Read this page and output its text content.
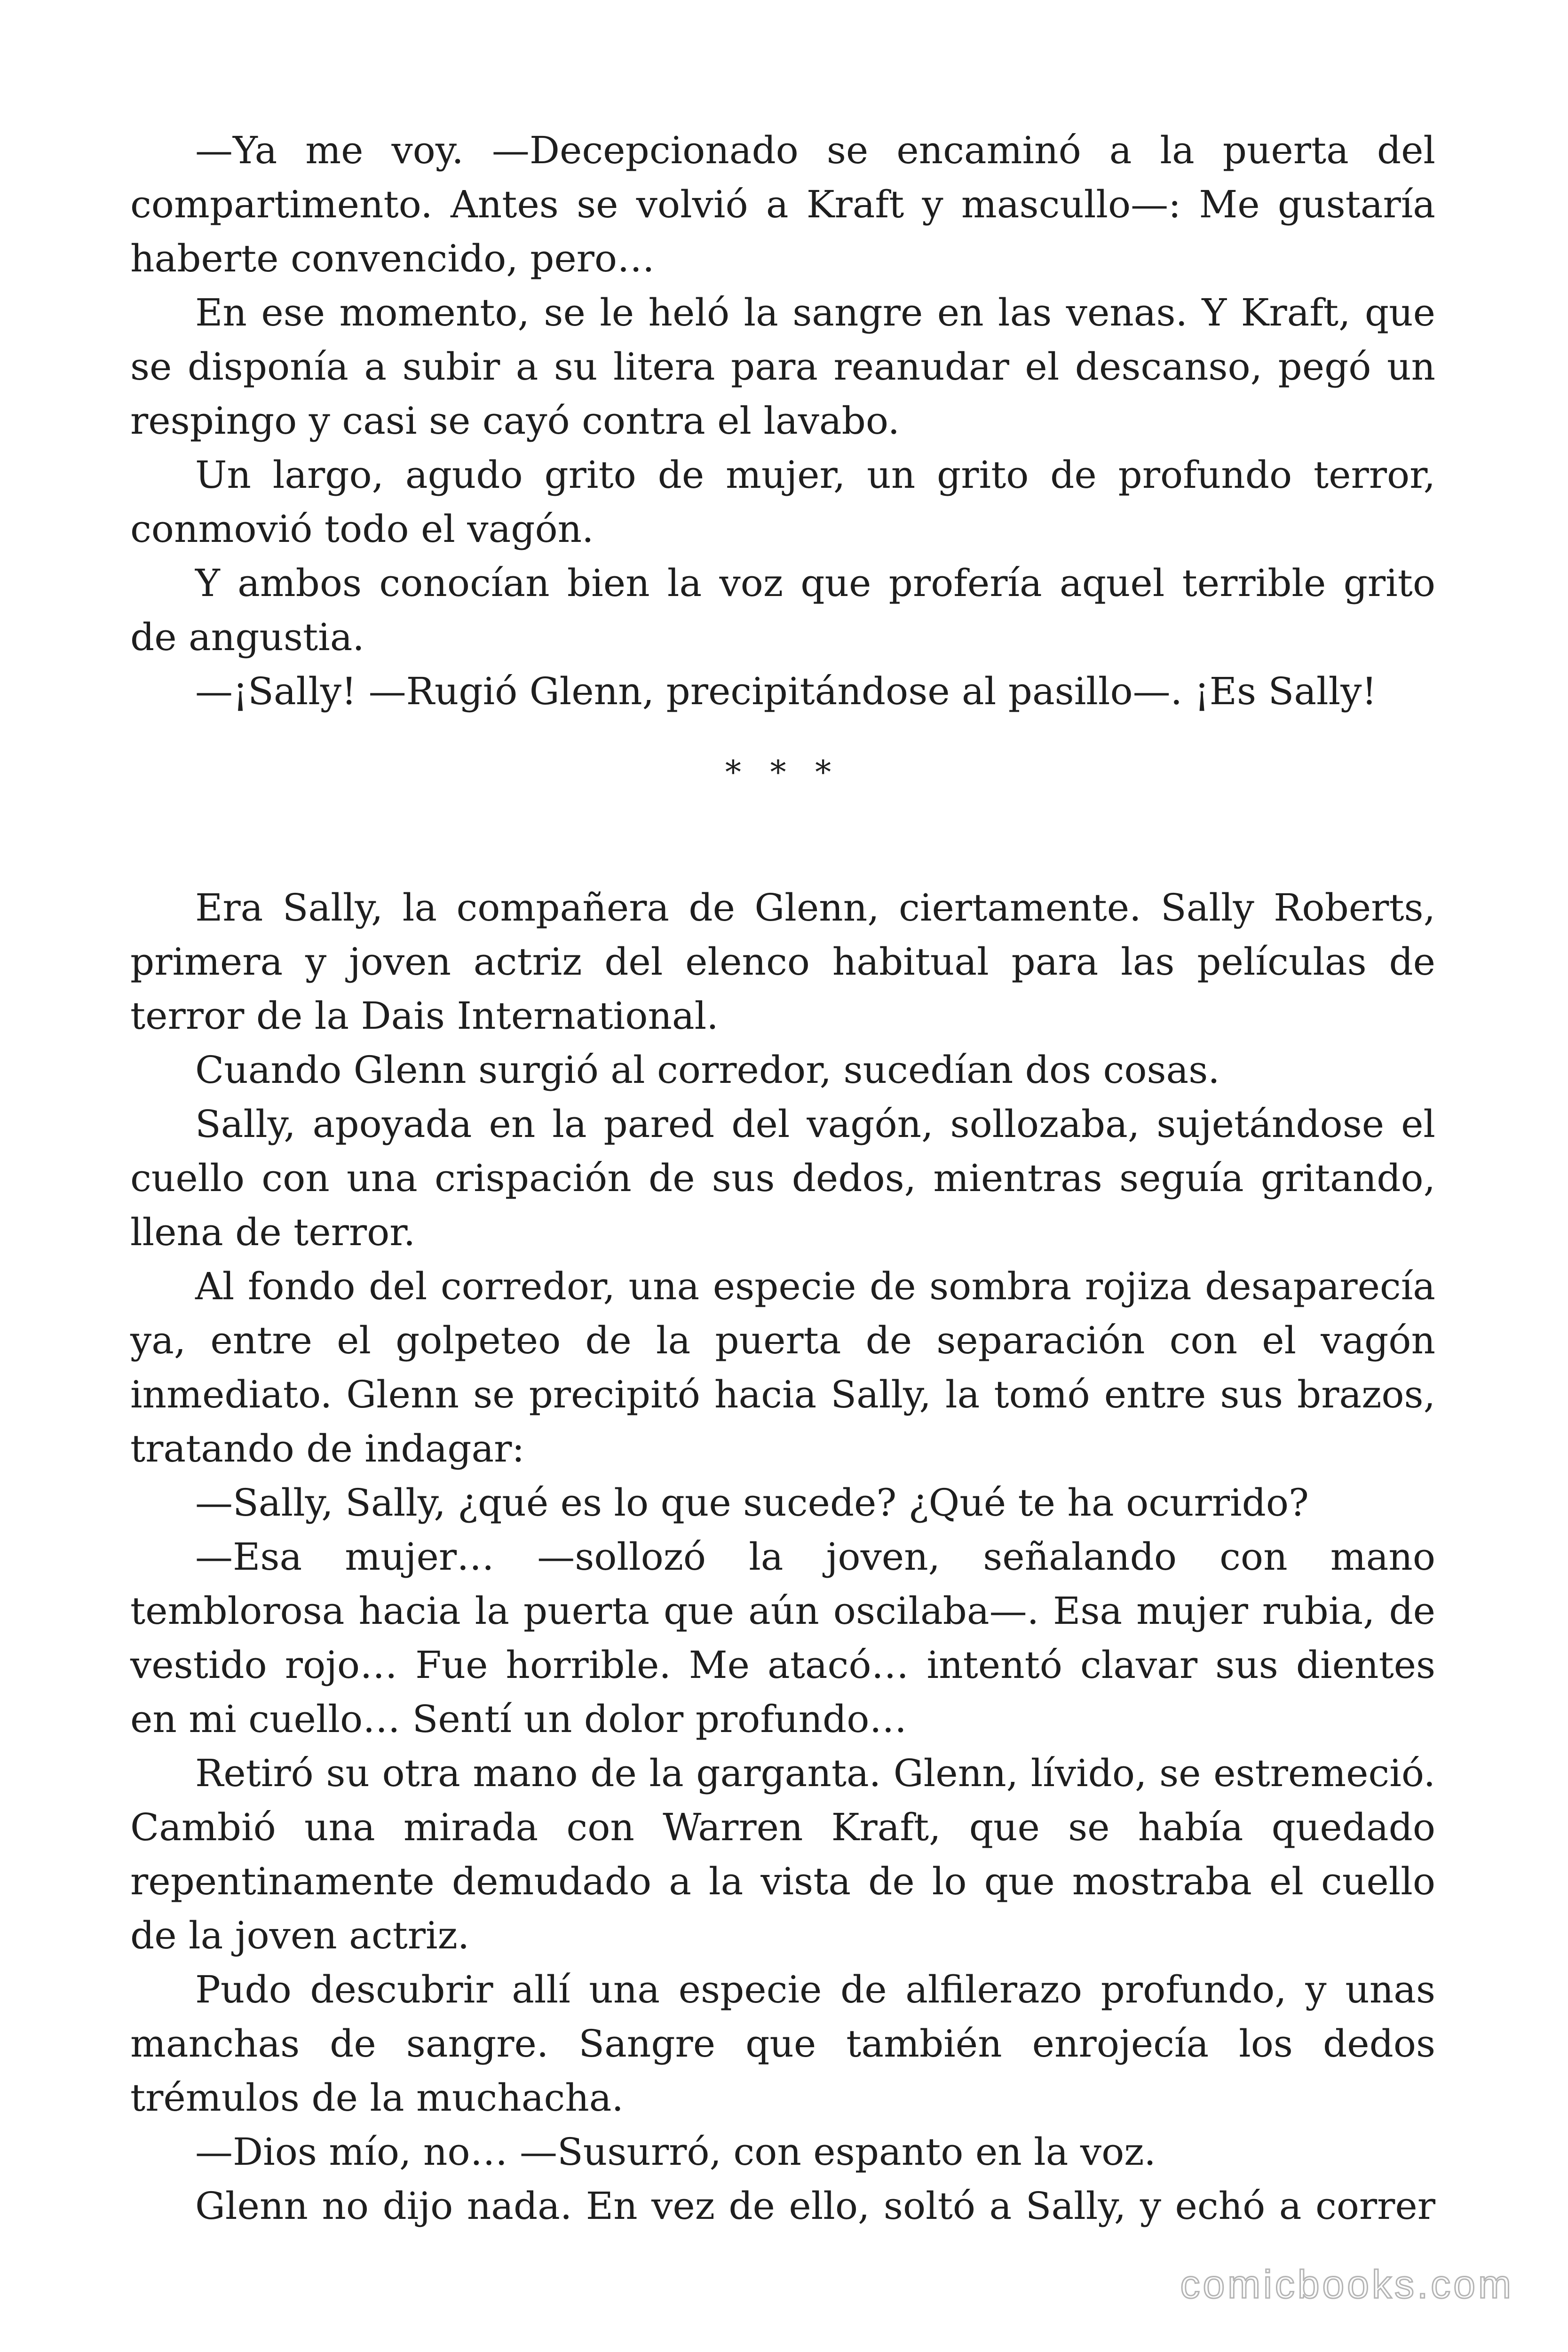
—Ya me voy. —Decepcionado se encaminó a la puerta del compartimento. Antes se volvió a Kraft y mascullo—: Me gustaría haberte convencido, pero…

En ese momento, se le heló la sangre en las venas. Y Kraft, que se disponía a subir a su litera para reanudar el descanso, pegó un respingo y casi se cayó contra el lavabo.

Un largo, agudo grito de mujer, un grito de profundo terror, conmovió todo el vagón.

Y ambos conocían bien la voz que profería aquel terrible grito de angustia.

—¡Sally! —Rugió Glenn, precipitándose al pasillo—. ¡Es Sally!

* * *

Era Sally, la compañera de Glenn, ciertamente. Sally Roberts, primera y joven actriz del elenco habitual para las películas de terror de la Dais International.

Cuando Glenn surgió al corredor, sucedían dos cosas.

Sally, apoyada en la pared del vagón, sollozaba, sujetándose el cuello con una crispación de sus dedos, mientras seguía gritando, llena de terror.

Al fondo del corredor, una especie de sombra rojiza desaparecía ya, entre el golpeteo de la puerta de separación con el vagón inmediato. Glenn se precipitó hacia Sally, la tomó entre sus brazos, tratando de indagar:

—Sally, Sally, ¿qué es lo que sucede? ¿Qué te ha ocurrido?

—Esa mujer… —sollozó la joven, señalando con mano temblorosa hacia la puerta que aún oscilaba—. Esa mujer rubia, de vestido rojo… Fue horrible. Me atacó… intentó clavar sus dientes en mi cuello… Sentí un dolor profundo…

Retiró su otra mano de la garganta. Glenn, lívido, se estremeció. Cambió una mirada con Warren Kraft, que se había quedado repentinamente demudado a la vista de lo que mostraba el cuello de la joven actriz.

Pudo descubrir allí una especie de alfilerazo profundo, y unas manchas de sangre. Sangre que también enrojecía los dedos trémulos de la muchacha.

—Dios mío, no… —Susurró, con espanto en la voz.

Glenn no dijo nada. En vez de ello, soltó a Sally, y echó a correr

comicbooks.com
